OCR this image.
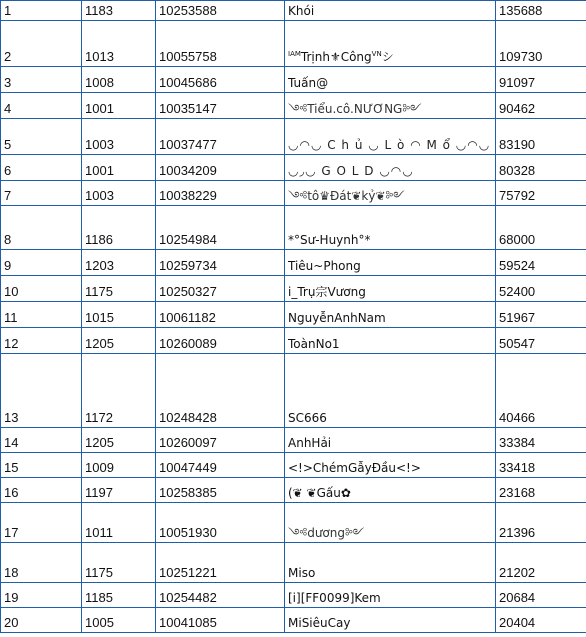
1	1183	10253588	Khói	135688
2	1013	10055758	$^{IAM}$Trịnh⚜Công$^{VN}$シ	109730
3	1008	10045686	Tuấn@	91097
4	1001	10035147	༺Tiểu.cô.NƯƠNG༻	90462
5	1003	10037477	◡◠◡ C h ủ ◡ L ò ◠ M ổ ◡◠◡	83190
6	1001	10034209	◡◞◡ G O L D ◡◠◡	80328
7	1003	10038229	༺tô♛Đát❦kỷ❦༻	75792
8	1186	10254984	*°Sư-Huynh°*	68000
9	1203	10259734	Tiêu~Phong	59524
10	1175	10250327	i_Trụ宗Vương	52400
11	1015	10061182	NguyễnAnhNam	51967
12	1205	10260089	ToànNo1	50547
13	1172	10248428	SC666	40466
14	1205	10260097	AnhHải	33384
15	1009	10047449	<!>ChémGẫyĐầu<!>	33418
16	1197	10258385	(❦ ❦Gấu✿	23168
17	1011	10051930	༺dương༻	21396
18	1175	10251221	Miso	21202
19	1185	10254482	[i][FF0099]Kem	20684
20	1005	10041085	MiSiêuCay	20404
